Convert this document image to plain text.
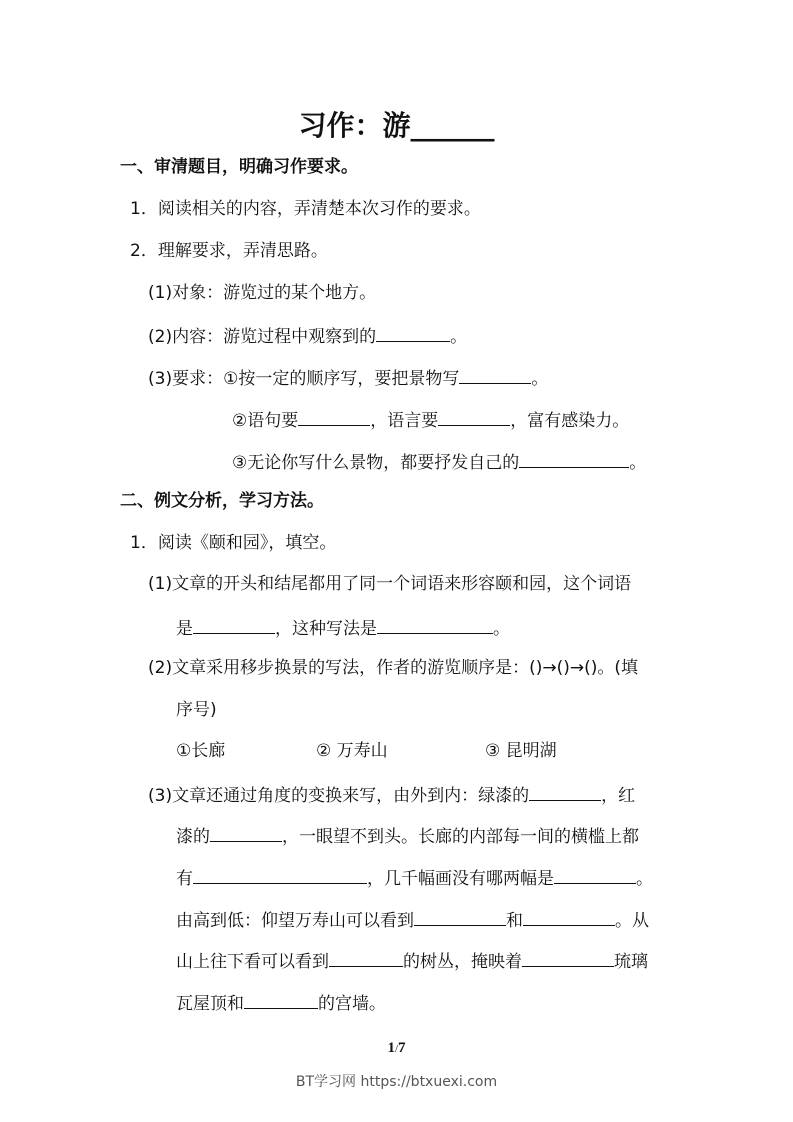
习作：游______
一、审清题目，明确习作要求。
1．阅读相关的内容，弄清楚本次习作的要求。
2．理解要求，弄清思路。
(1)对象：游览过的某个地方。
(2)内容：游览过程中观察到的	。
(3)要求：①按一定的顺序写，要把景物写	。
②语句要	，语言要	，富有感染力。
③无论你写什么景物，都要抒发自己的	。
二、例文分析，学习方法。
1．阅读《颐和园》，填空。
(1)文章的开头和结尾都用了同一个词语来形容颐和园，这个词语
是	，这种写法是	。
(2)文章采用移步换景的写法，作者的游览顺序是：()→()→()。(填
序号)
①长廊	② 万寿山	③ 昆明湖
(3)文章还通过角度的变换来写，由外到内：绿漆的	，红
漆的	，一眼望不到头。长廊的内部每一间的横槛上都
有	，几千幅画没有哪两幅是	。
由高到低：仰望万寿山可以看到	和	。从
山上往下看可以看到	的树丛，掩映着	琉璃
瓦屋顶和	的宫墙。
1/7
BT学习网 https://btxuexi.com
